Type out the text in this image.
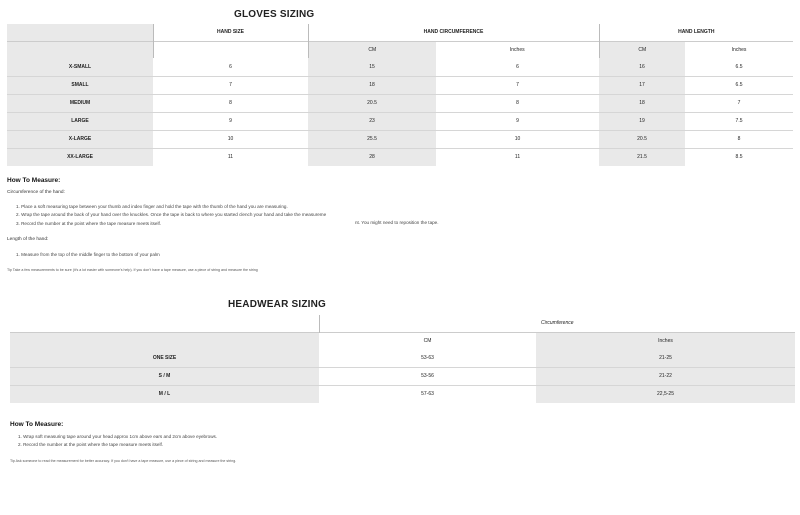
GLOVES SIZING
	HAND SIZE	HAND CIRCUMFERENCE		HAND LENGTH	
		CM	Inches	CM	Inches
X-SMALL	6	15	6	16	6.5
SMALL	7	18	7	17	6.5
MEDIUM	8	20.5	8	18	7
LARGE	9	23	9	19	7.5
X-LARGE	10	25.5	10	20.5	8
XX-LARGE	11	28	11	21.5	8.5
How To Measure:
Circumference of the hand:
1. Place a soft measuring tape between your thumb and index finger and hold the tape with the thumb of the hand you are measuring.
2. Wrap the tape around the back of your hand over the knuckles. Once the tape is back to where you started clench your hand and take the measureme
3. Record the number at the point where the tape measure meets itself.	nt. You might need to reposition the tape.
Length of the hand:
1. Measure from the top of the middle finger to the bottom of your palm
Tip Take a few measurements to be sure (it’s a lot easier with someone’s help). If you don’t have a tape measure, use a piece of string and measure the string
HEADWEAR SIZING
	Circumference	
	CM	Inches
ONE SIZE	53-63	21-25
S / M	53-56	21-22
M / L	57-63	22,5-25
How To Measure:
1. Wrap soft measuring tape around your head approx 1cm above ears and 2cm above eyebrows.
2. Record the number at the point where the tape measure meets itself.
Tip Ask someone to read the measurement for better accuracy. If you don't have a tape measure, use a piece of string and measure the string.
